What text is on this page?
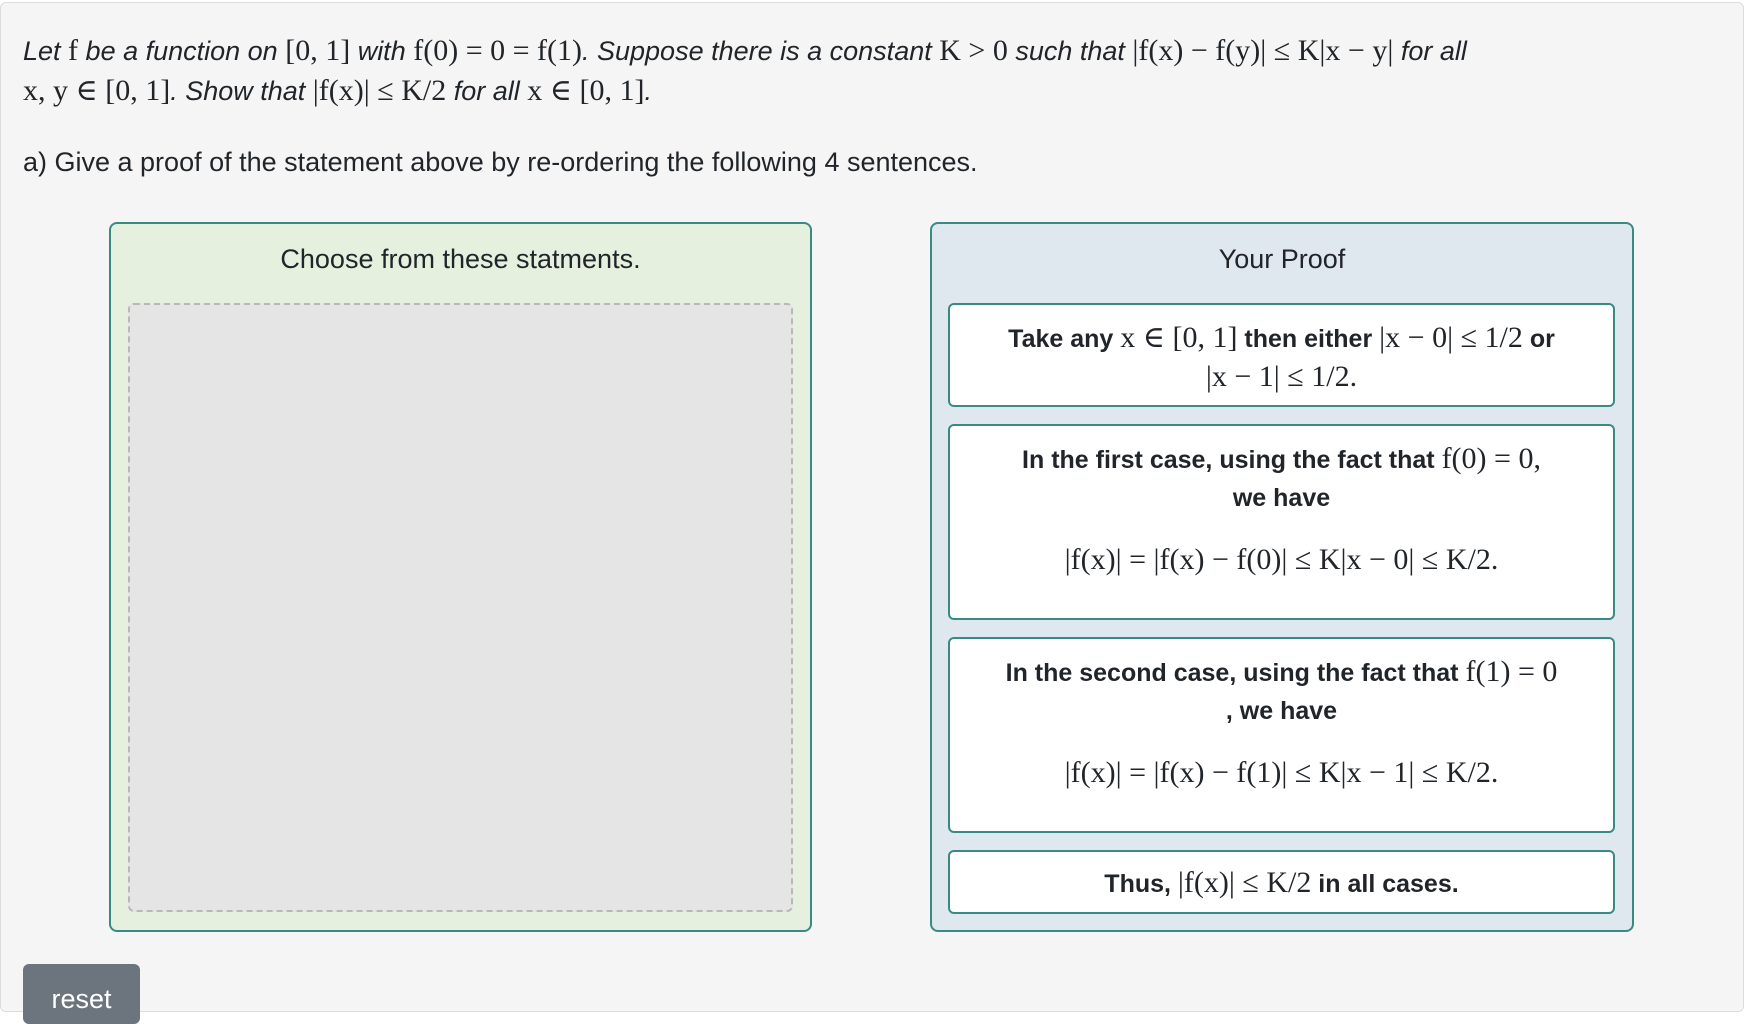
Let f be a function on [0, 1] with f(0) = 0 = f(1). Suppose there is a constant K > 0 such that |f(x) − f(y)| ≤ K|x − y| for all
x, y ∈ [0, 1]. Show that |f(x)| ≤ K/2 for all x ∈ [0, 1].
a) Give a proof of the statement above by re-ordering the following 4 sentences.
Choose from these statments.	Your Proof
Take any x ∈ [0, 1] then either |x − 0| ≤ 1/2 or
|x − 1| ≤ 1/2.
In the first case, using the fact that f(0) = 0,
we have
|f(x)| = |f(x) − f(0)| ≤ K|x − 0| ≤ K/2.
In the second case, using the fact that f(1) = 0
, we have
|f(x)| = |f(x) − f(1)| ≤ K|x − 1| ≤ K/2.
Thus, |f(x)| ≤ K/2 in all cases.
reset
